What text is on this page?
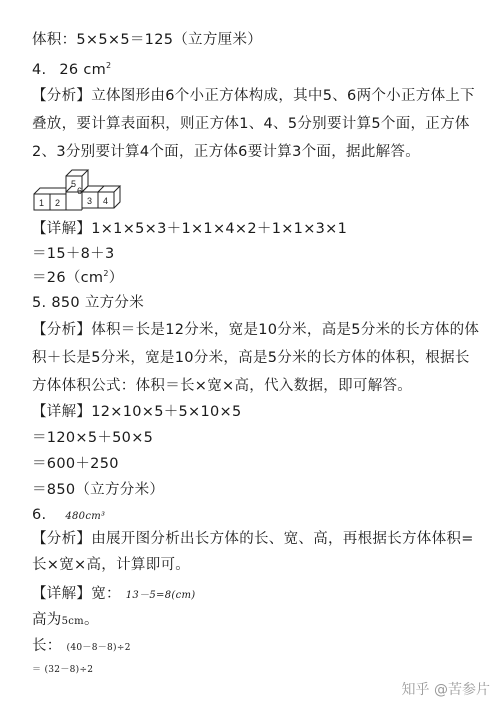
体积：5×5×5＝125（立方厘米）
4. 26 $cm^2$
【分析】立体图形由6个小正方体构成，其中5、6两个小正方体上下叠放，要计算表面积，则正方体1、4、5分别要计算5个面，正方体2、3分别要计算4个面，正方体6要计算3个面，据此解答。
1 2	3 4
5
6
【详解】1×1×5×3＋1×1×4×2＋1×1×3×1
＝15＋8＋3
$=26(cm^2)$
5. 850 立方分米
【分析】体积＝长是12分米，宽是10分米，高是5分米的长方体的体积＋长是5分米，宽是10分米，高是5分米的长方体的体积，根据长方体体积公式：体积＝长×宽×高，代入数据，即可解答。
【详解】12×10×5＋5×10×5
＝120×5＋50×5
＝600＋250
＝850（立方分米）
6. 480cm³
【分析】由展开图分析出长方体的长、宽、高，再根据长方体体积=长×宽×高，计算即可。
【详解】宽： 13－5=8(cm)
高为5cm。
长： (40－8－8)÷2
＝ (32－8)÷2
知乎 @苦参片
